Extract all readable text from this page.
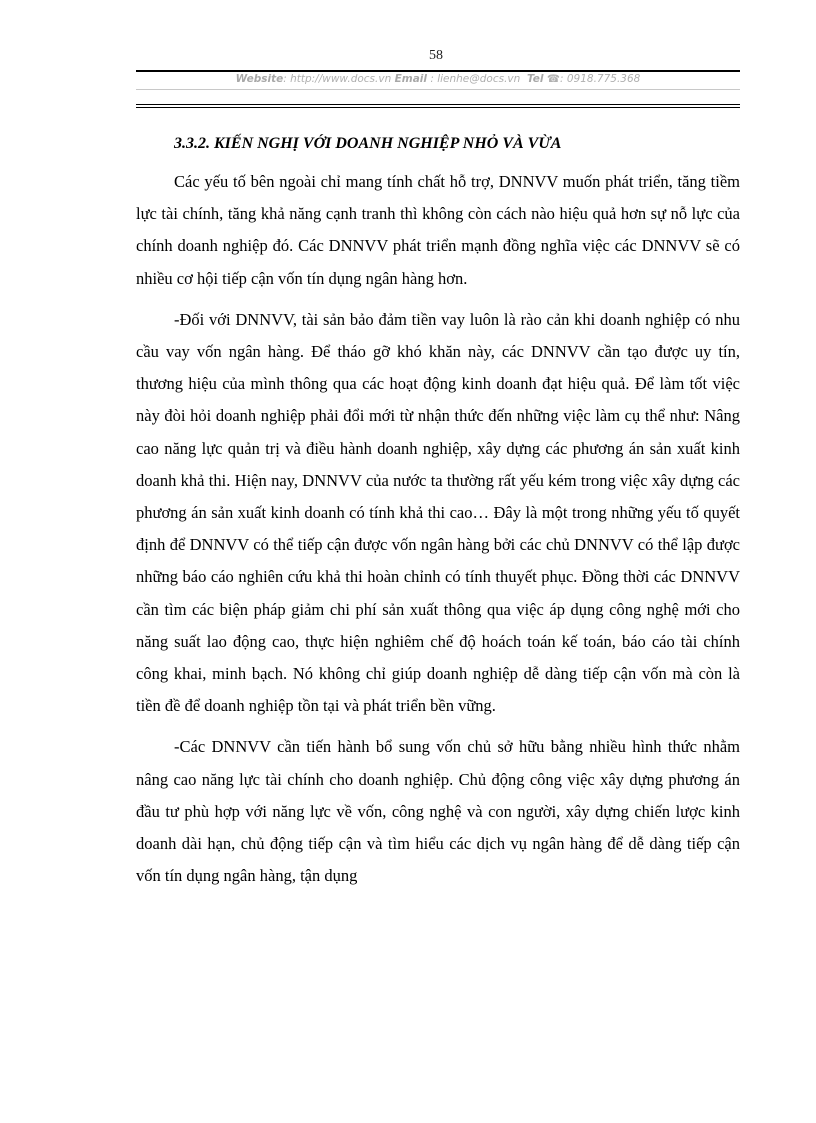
58
Website: http://www.docs.vn Email : lienhe@docs.vn Tel ☎: 0918.775.368
3.3.2. KIẾN NGHỊ VỚI DOANH NGHIỆP NHỎ VÀ VỪA

Các yếu tố bên ngoài chỉ mang tính chất hỗ trợ, DNNVV muốn phát triển, tăng tiềm lực tài chính, tăng khả năng cạnh tranh thì không còn cách nào hiệu quả hơn sự nỗ lực của chính doanh nghiệp đó. Các DNNVV phát triển mạnh đồng nghĩa việc các DNNVV sẽ có nhiều cơ hội tiếp cận vốn tín dụng ngân hàng hơn.

-Đối với DNNVV, tài sản bảo đảm tiền vay luôn là rào cản khi doanh nghiệp có nhu cầu vay vốn ngân hàng. Để tháo gỡ khó khăn này, các DNNVV cần tạo được uy tín, thương hiệu của mình thông qua các hoạt động kinh doanh đạt hiệu quả. Để làm tốt việc này đòi hỏi doanh nghiệp phải đổi mới từ nhận thức đến những việc làm cụ thể như: Nâng cao năng lực quản trị và điều hành doanh nghiệp, xây dựng các phương án sản xuất kinh doanh khả thi. Hiện nay, DNNVV của nước ta thường rất yếu kém trong việc xây dựng các phương án sản xuất kinh doanh có tính khả thi cao… Đây là một trong những yếu tố quyết định để DNNVV có thể tiếp cận được vốn ngân hàng bởi các chủ DNNVV có thể lập được những báo cáo nghiên cứu khả thi hoàn chỉnh có tính thuyết phục. Đồng thời các DNNVV cần tìm các biện pháp giảm chi phí sản xuất thông qua việc áp dụng công nghệ mới cho năng suất lao động cao, thực hiện nghiêm chế độ hoách toán kế toán, báo cáo tài chính công khai, minh bạch. Nó không chỉ giúp doanh nghiệp dễ dàng tiếp cận vốn mà còn là tiền đề để doanh nghiệp tồn tại và phát triển bền vững.

-Các DNNVV cần tiến hành bổ sung vốn chủ sở hữu bằng nhiều hình thức nhằm nâng cao năng lực tài chính cho doanh nghiệp. Chủ động công việc xây dựng phương án đầu tư phù hợp với năng lực về vốn, công nghệ và con người, xây dựng chiến lược kinh doanh dài hạn, chủ động tiếp cận và tìm hiểu các dịch vụ ngân hàng để dễ dàng tiếp cận vốn tín dụng ngân hàng, tận dụng
